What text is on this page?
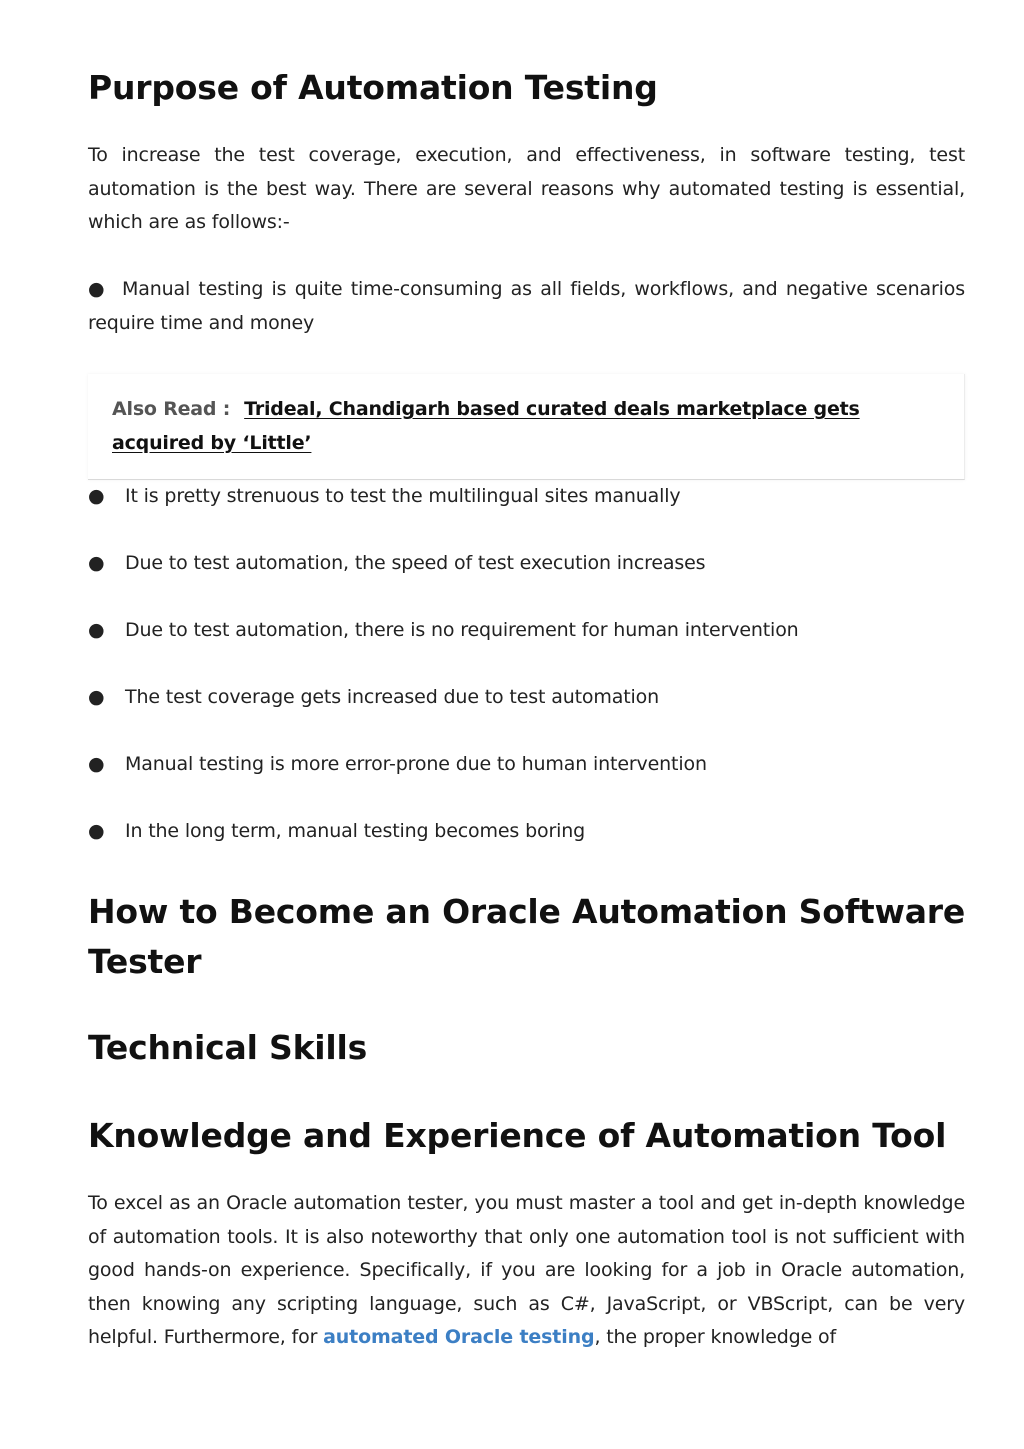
Purpose of Automation Testing

To increase the test coverage, execution, and effectiveness, in software testing, test automation is the best way. There are several reasons why automated testing is essential, which are as follows:-

● Manual testing is quite time-consuming as all fields, workflows, and negative scenarios require time and money

Also Read : Trideal, Chandigarh based curated deals marketplace gets acquired by ‘Little’
● It is pretty strenuous to test the multilingual sites manually
● Due to test automation, the speed of test execution increases
● Due to test automation, there is no requirement for human intervention
● The test coverage gets increased due to test automation
● Manual testing is more error-prone due to human intervention
● In the long term, manual testing becomes boring
How to Become an Oracle Automation Software Tester
Technical Skills
Knowledge and Experience of Automation Tool

To excel as an Oracle automation tester, you must master a tool and get in-depth knowledge of automation tools. It is also noteworthy that only one automation tool is not sufficient with good hands-on experience. Specifically, if you are looking for a job in Oracle automation, then knowing any scripting language, such as C#, JavaScript, or VBScript, can be very helpful. Furthermore, for automated Oracle testing, the proper knowledge of
